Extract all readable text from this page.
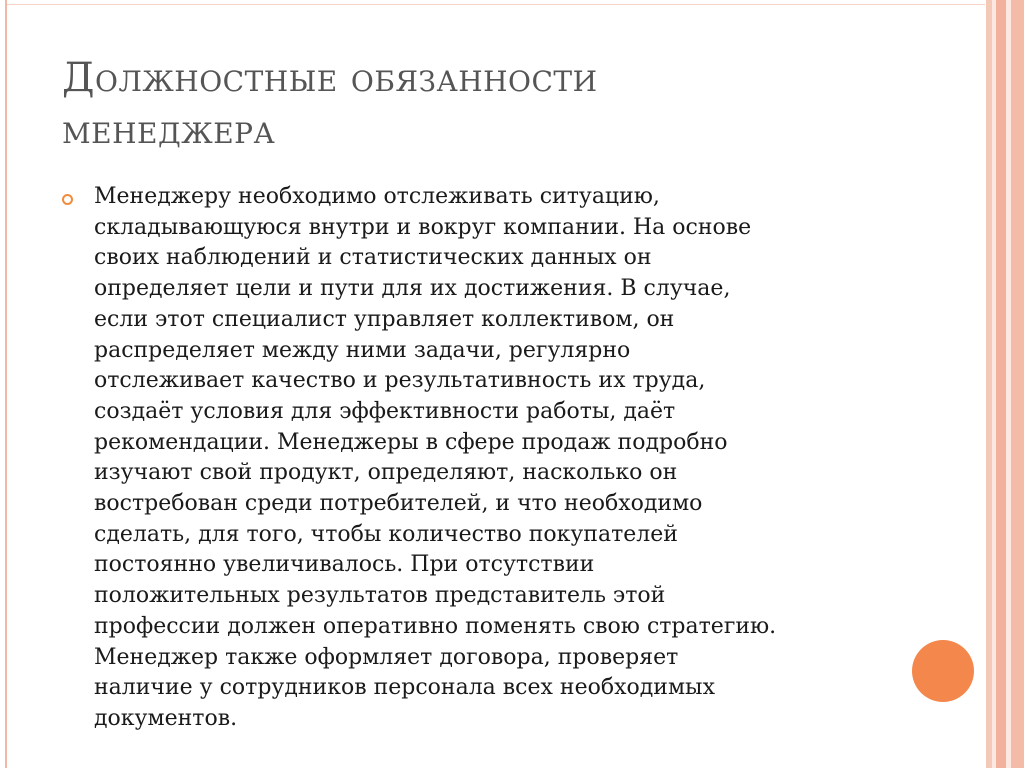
Должностные обязанности
менеджера

Менеджеру необходимо отслеживать ситуацию,
складывающуюся внутри и вокруг компании. На основе
своих наблюдений и статистических данных он
определяет цели и пути для их достижения. В случае,
если этот специалист управляет коллективом, он
распределяет между ними задачи, регулярно
отслеживает качество и результативность их труда,
создаёт условия для эффективности работы, даёт
рекомендации. Менеджеры в сфере продаж подробно
изучают свой продукт, определяют, насколько он
востребован среди потребителей, и что необходимо
сделать, для того, чтобы количество покупателей
постоянно увеличивалось. При отсутствии
положительных результатов представитель этой
профессии должен оперативно поменять свою стратегию.
Менеджер также оформляет договора, проверяет
наличие у сотрудников персонала всех необходимых
документов.
